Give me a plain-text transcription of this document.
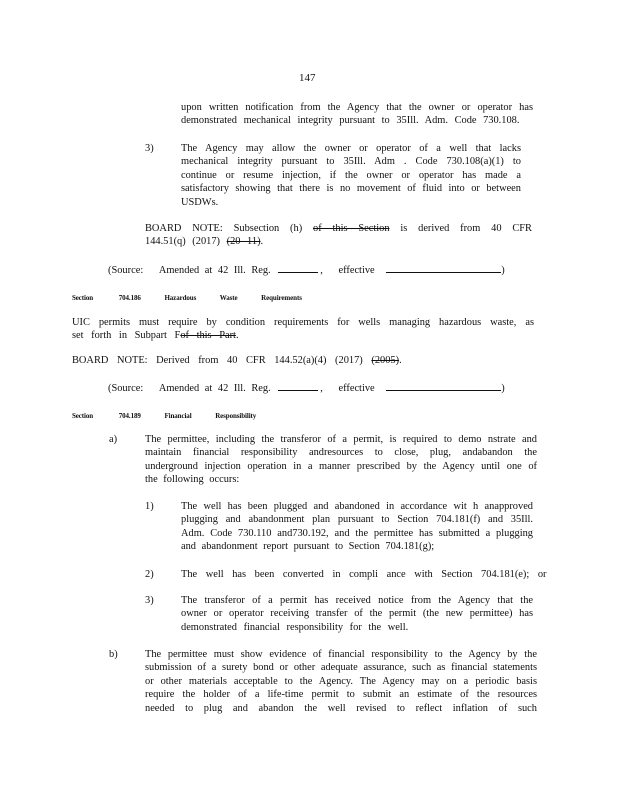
147
upon written notification from the Agency that the owner or operator has demonstrated mechanical integrity pursuant to 35Ill. Adm. Code 730.108.
3)	The Agency may allow the owner or operator of a well that lacks mechanical integrity pursuant to 35Ill. Adm . Code 730.108(a)(1) to continue or resume injection, if the owner or operator has made a satisfactory showing that there is no movement of fluid into or between USDWs.
BOARD NOTE: Subsection (h) of this Section is derived from 40 CFR 144.51(q) (2017) (20 11).
(Source: Amended at 42 Ill. Reg.	, effective	)
Section 704.186	Hazardous Waste Requirements
UIC permits must require by condition requirements for wells managing hazardous waste, as set forth in Subpart Fof this Part.
BOARD NOTE: Derived from 40 CFR 144.52(a)(4) (2017) (2005).
(Source: Amended at 42 Ill. Reg.	, effective	)
Section 704.189	Financial Responsibility
a)	The permittee, including the transferor of a permit, is required to demo nstrate and maintain financial responsibility andresources to close, plug, andabandon the underground injection operation in a manner prescribed by the Agency until one of the following occurs:
1)	The well has been plugged and abandoned in accordance wit h anapproved plugging and abandonment plan pursuant to Section 704.181(f) and 35Ill. Adm. Code 730.110 and730.192, and the permittee has submitted a plugging and abandonment report pursuant to Section 704.181(g);
2)	The well has been converted in compli ance with Section 704.181(e); or
3)	The transferor of a permit has received notice from the Agency that the owner or operator receiving transfer of the permit (the new permittee) has demonstrated financial responsibility for the well.
b)	The permittee must show evidence of financial responsibility to the Agency by the submission of a surety bond or other adequate assurance, such as financial statements or other materials acceptable to the Agency. The Agency may on a periodic basis require the holder of a life-time permit to submit an estimate of the resources needed to plug and abandon the well revised to reflect inflation of such
